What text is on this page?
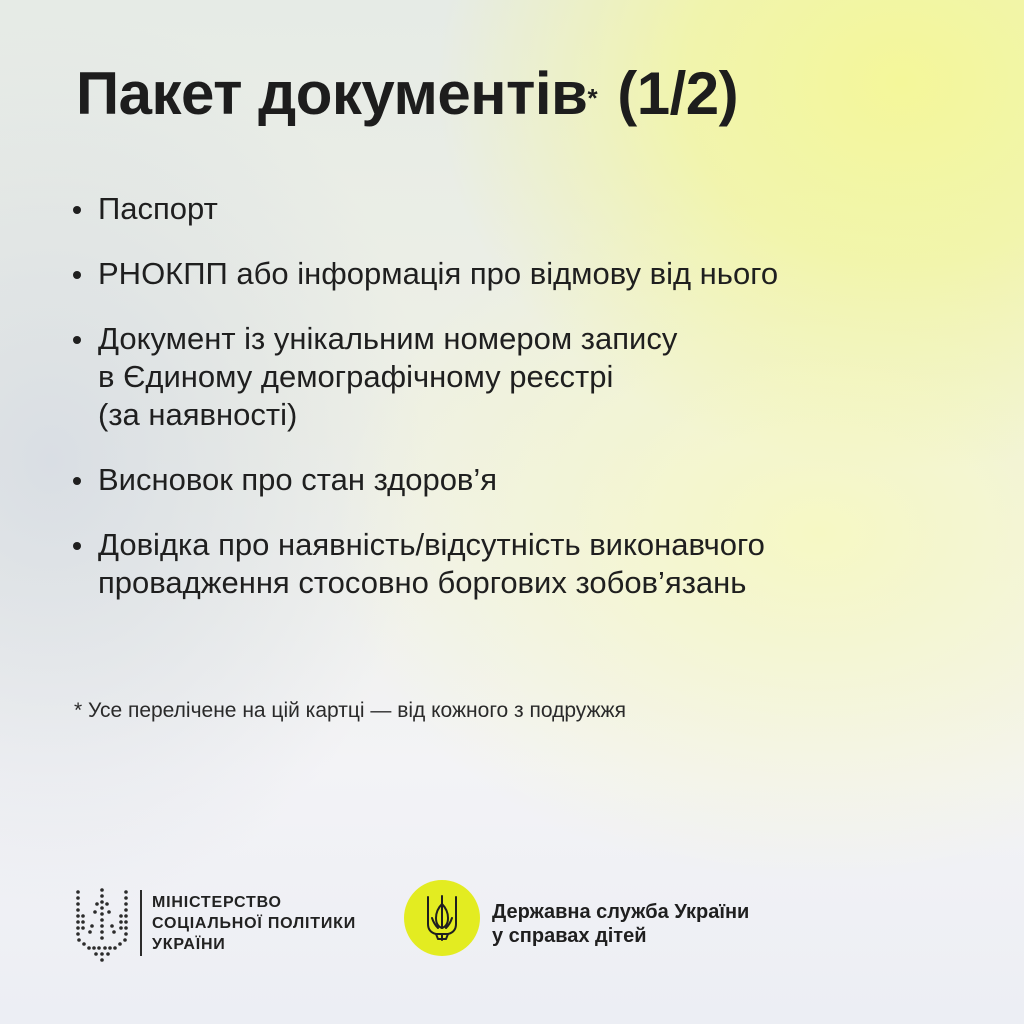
Пакет документів* (1/2)
Паспорт
РНОКПП або інформація про відмову від нього
Документ із унікальним номером запису
в Єдиному демографічному реєстрі
(за наявності)
Висновок про стан здоров’я
Довідка про наявність/відсутність виконавчого
провадження стосовно боргових зобов’язань

* Усе перелічене на цій картці — від кожного з подружжя

МІНІСТЕРСТВО
СОЦІАЛЬНОЇ ПОЛІТИКИ
УКРАЇНИ
Державна служба України
у справах дітей
